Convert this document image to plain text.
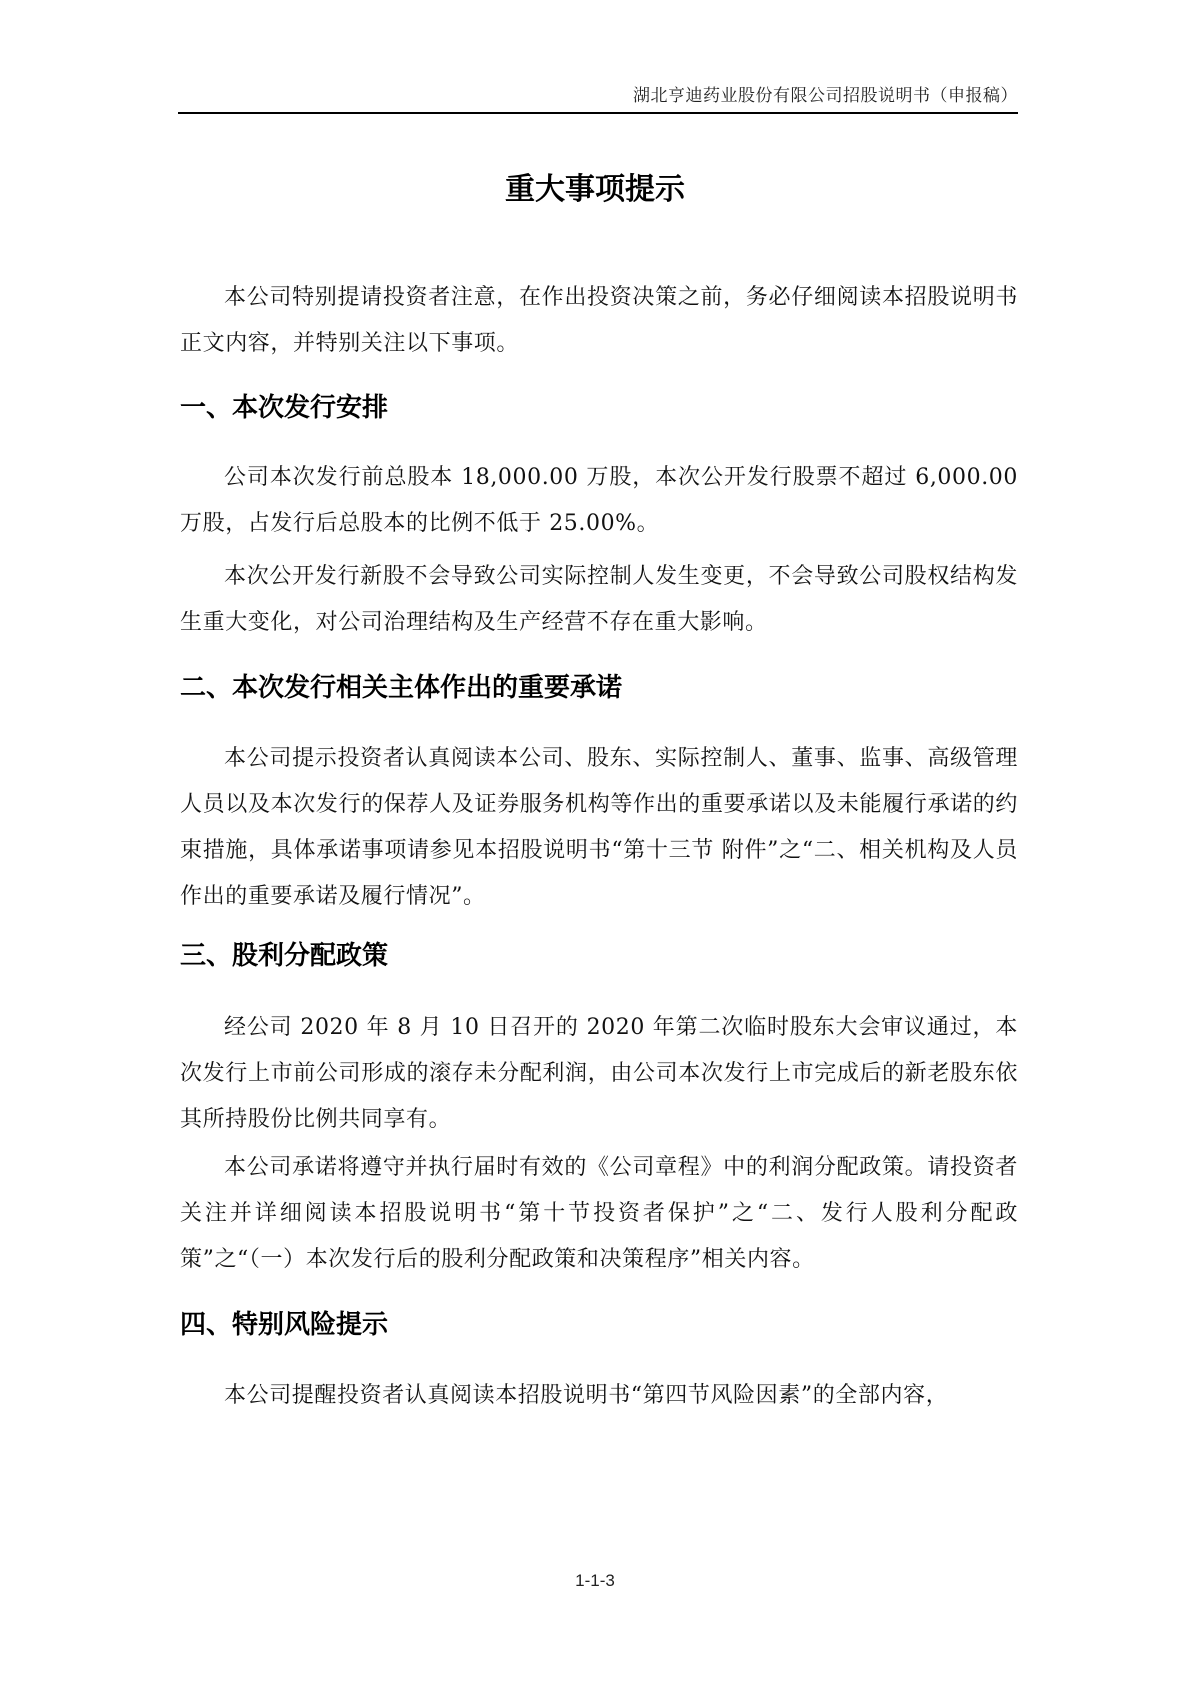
湖北亨迪药业股份有限公司招股说明书（申报稿）
重大事项提示

本公司特别提请投资者注意，在作出投资决策之前，务必仔细阅读本招股说明书正文内容，并特别关注以下事项。

一、本次发行安排

公司本次发行前总股本 18,000.00 万股，本次公开发行股票不超过 6,000.00 万股，占发行后总股本的比例不低于 25.00%。

本次公开发行新股不会导致公司实际控制人发生变更，不会导致公司股权结构发生重大变化，对公司治理结构及生产经营不存在重大影响。

二、本次发行相关主体作出的重要承诺

本公司提示投资者认真阅读本公司、股东、实际控制人、董事、监事、高级管理人员以及本次发行的保荐人及证券服务机构等作出的重要承诺以及未能履行承诺的约束措施，具体承诺事项请参见本招股说明书“第十三节 附件”之“二、相关机构及人员作出的重要承诺及履行情况”。

三、股利分配政策

经公司 2020 年 8 月 10 日召开的 2020 年第二次临时股东大会审议通过，本次发行上市前公司形成的滚存未分配利润，由公司本次发行上市完成后的新老股东依其所持股份比例共同享有。

本公司承诺将遵守并执行届时有效的《公司章程》中的利润分配政策。请投资者关注并详细阅读本招股说明书“第十节投资者保护”之“二、发行人股利分配政策”之“（一）本次发行后的股利分配政策和决策程序”相关内容。

四、特别风险提示

本公司提醒投资者认真阅读本招股说明书“第四节风险因素”的全部内容，

1-1-3
